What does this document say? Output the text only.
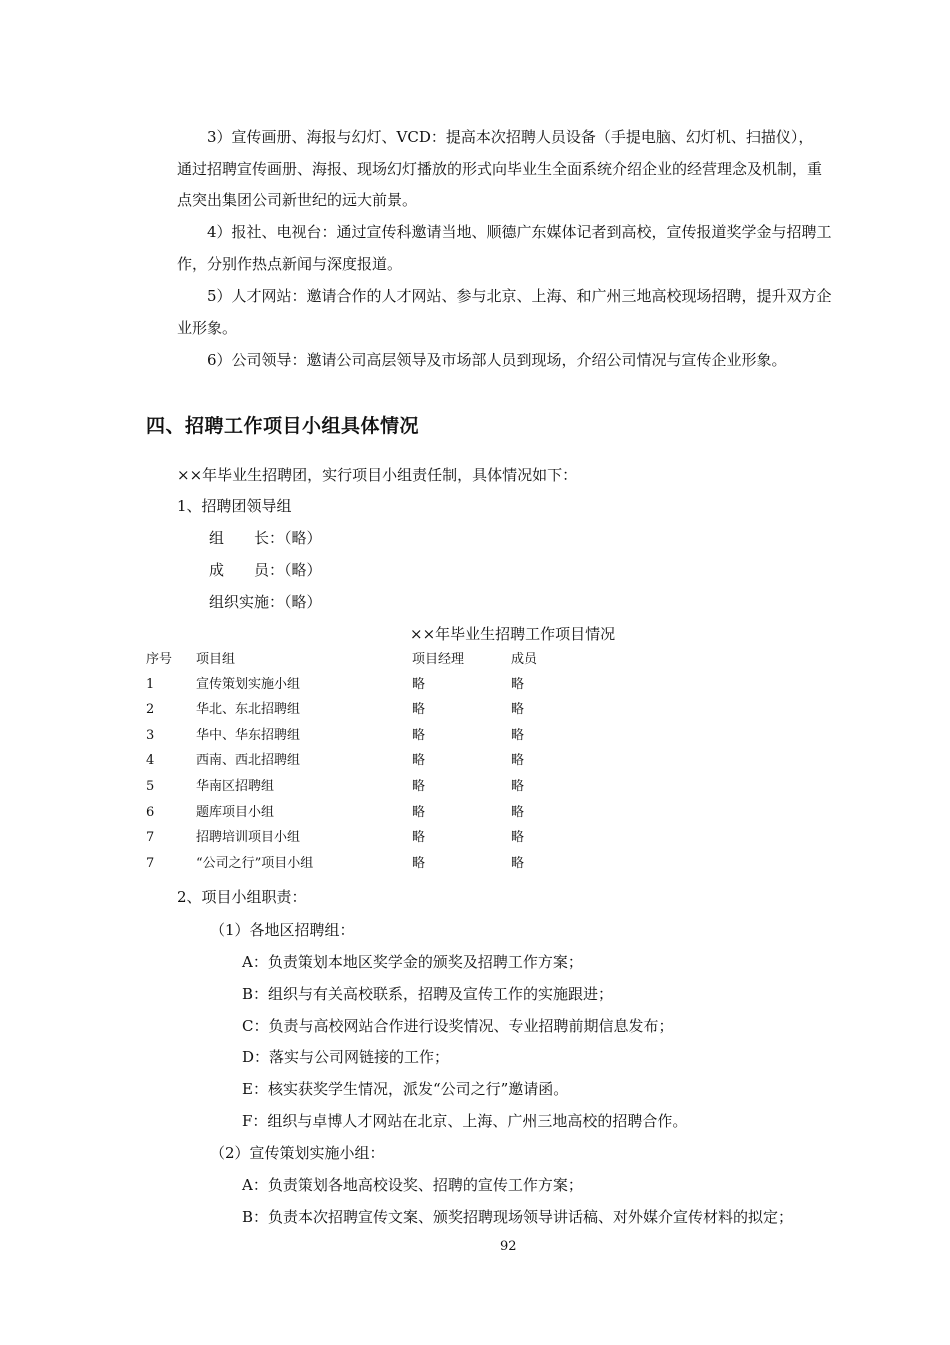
3）宣传画册、海报与幻灯、VCD：提高本次招聘人员设备（手提电脑、幻灯机、扫描仪），
通过招聘宣传画册、海报、现场幻灯播放的形式向毕业生全面系统介绍企业的经营理念及机制，重
点突出集团公司新世纪的远大前景。
4）报社、电视台：通过宣传科邀请当地、顺德广东媒体记者到高校，宣传报道奖学金与招聘工
作，分别作热点新闻与深度报道。
5）人才网站：邀请合作的人才网站、参与北京、上海、和广州三地高校现场招聘，提升双方企
业形象。
6）公司领导：邀请公司高层领导及市场部人员到现场，介绍公司情况与宣传企业形象。
四、招聘工作项目小组具体情况
××年毕业生招聘团，实行项目小组责任制，具体情况如下：
1、招聘团领导组
组　　长：（略）
成　　员：（略）
组织实施：（略）
××年毕业生招聘工作项目情况
序号 项目组	项目经理	成员
1	宣传策划实施小组	略	略
2	华北、东北招聘组	略	略
3	华中、华东招聘组	略	略
4	西南、西北招聘组	略	略
5	华南区招聘组	略	略
6	题库项目小组	略	略
7	招聘培训项目小组	略	略
7	“公司之行”项目小组	略	略
2、项目小组职责：
（1）各地区招聘组：
A：负责策划本地区奖学金的颁奖及招聘工作方案；
B：组织与有关高校联系，招聘及宣传工作的实施跟进；
C：负责与高校网站合作进行设奖情况、专业招聘前期信息发布；
D：落实与公司网链接的工作；
E：核实获奖学生情况，派发“公司之行”邀请函。
F：组织与卓博人才网站在北京、上海、广州三地高校的招聘合作。
（2）宣传策划实施小组：
A：负责策划各地高校设奖、招聘的宣传工作方案；
B：负责本次招聘宣传文案、颁奖招聘现场领导讲话稿、对外媒介宣传材料的拟定；
92
